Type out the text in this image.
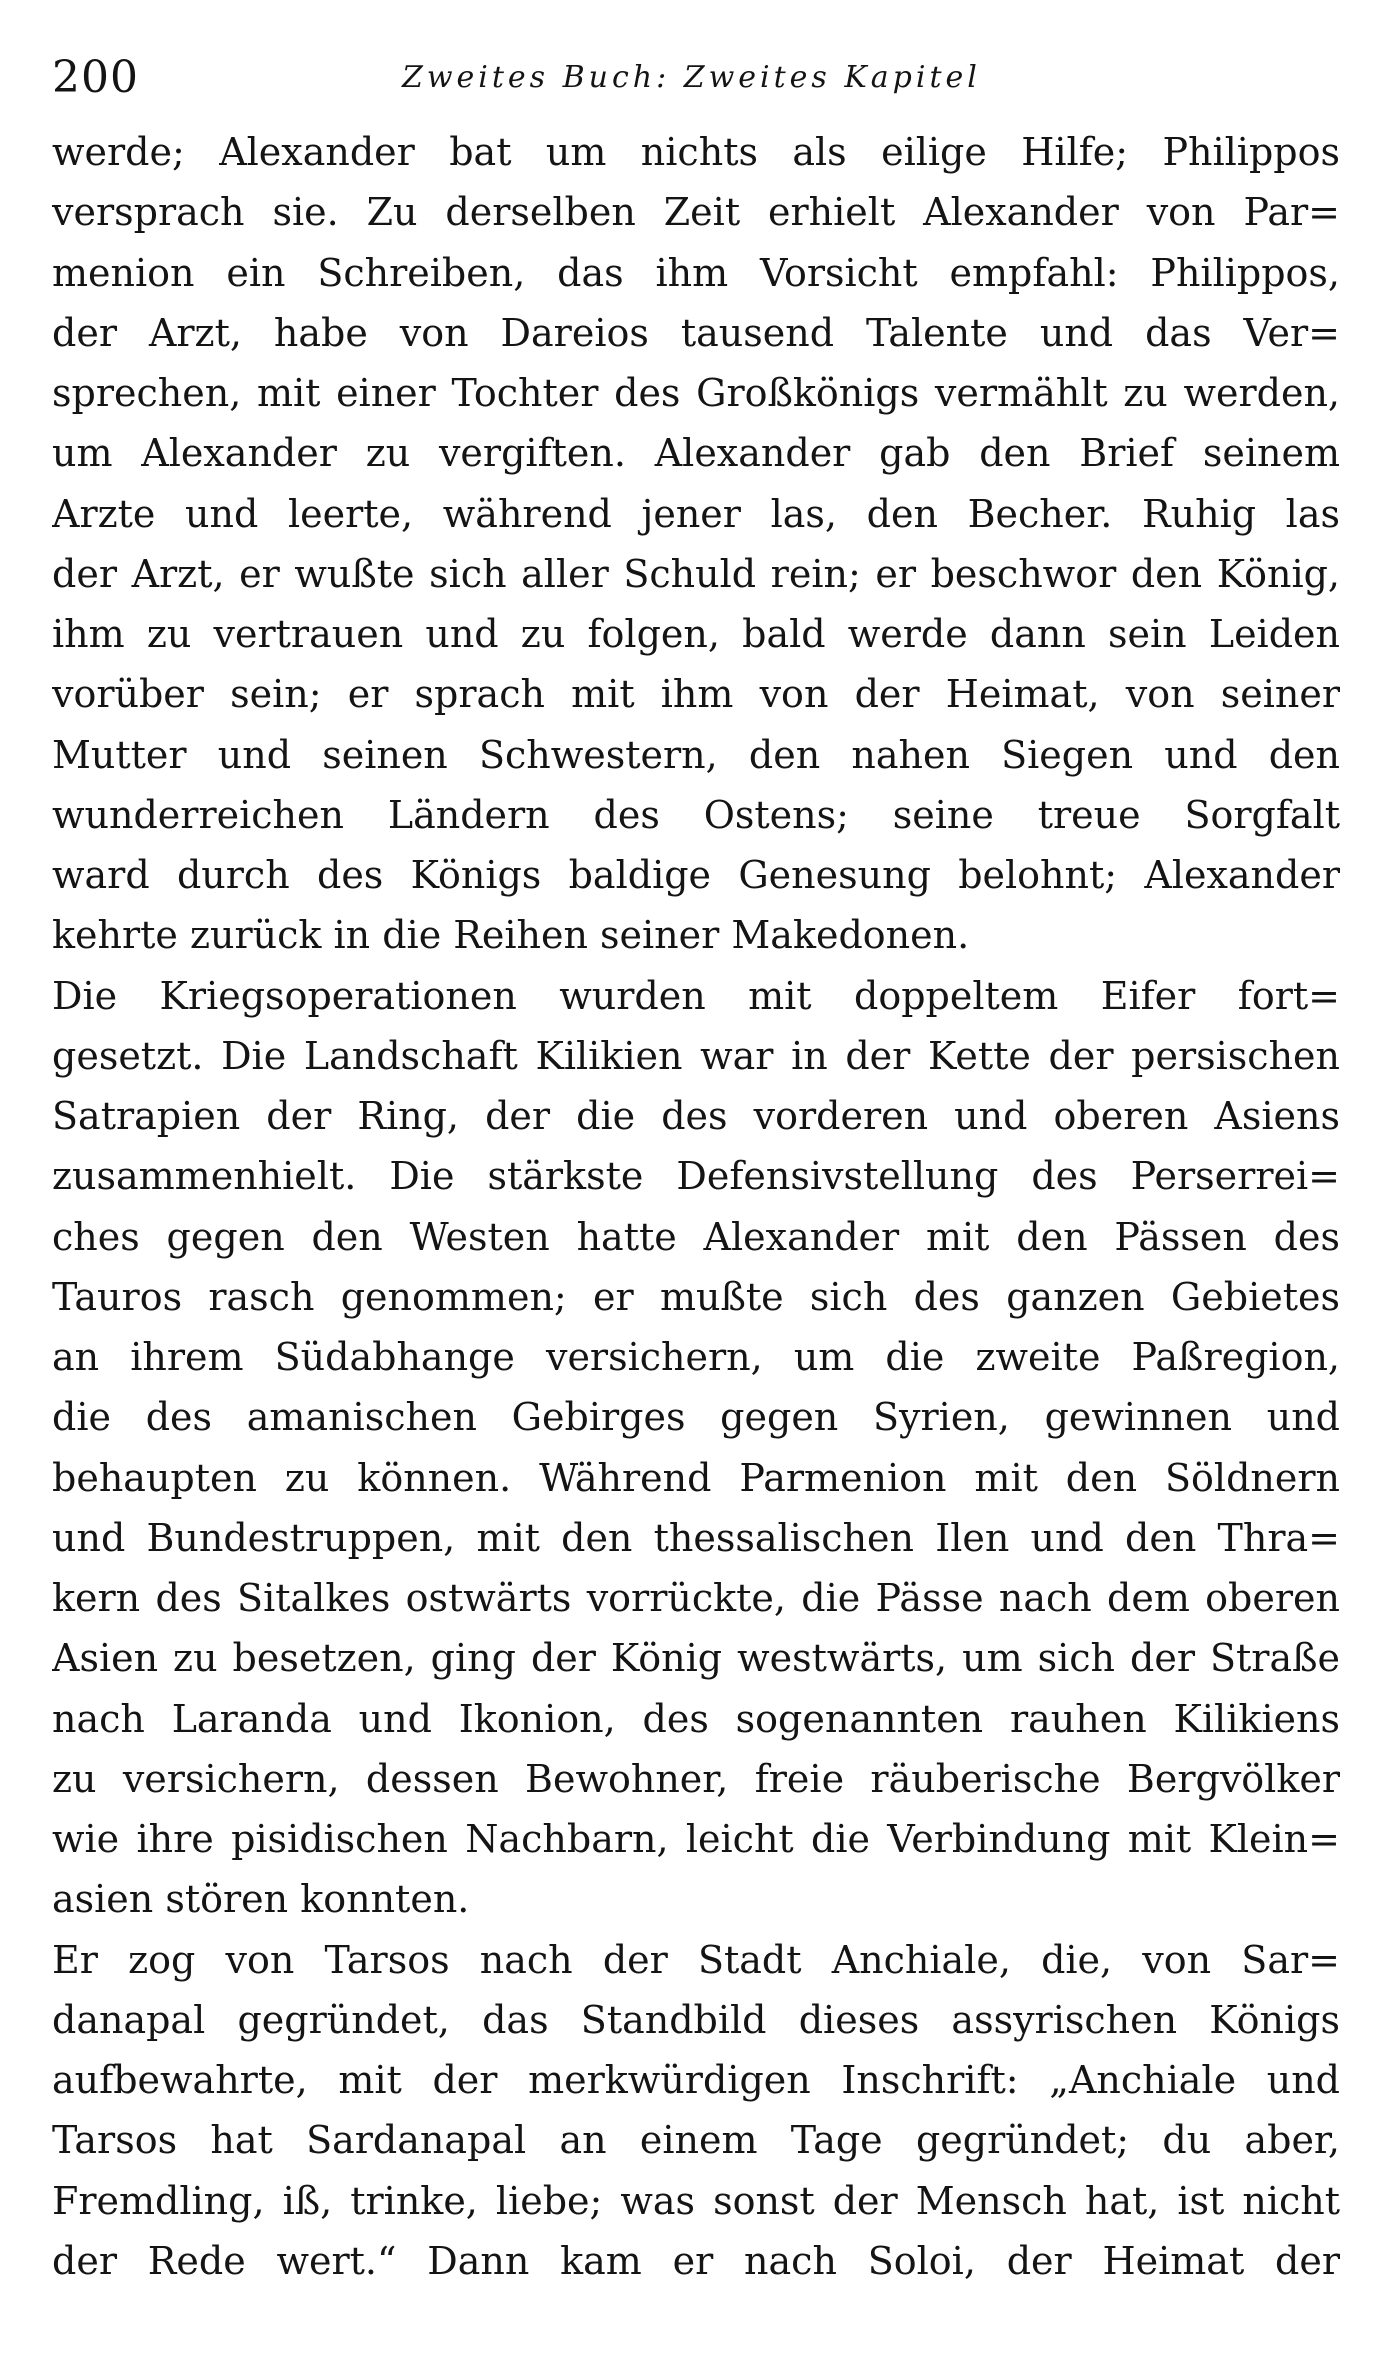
200	Zweites Buch: Zweites Kapitel
werde; Alexander bat um nichts als eilige Hilfe; Philippos
versprach sie. Zu derselben Zeit erhielt Alexander von Par=
menion ein Schreiben, das ihm Vorsicht empfahl: Philippos,
der Arzt, habe von Dareios tausend Talente und das Ver=
sprechen, mit einer Tochter des Großkönigs vermählt zu werden,
um Alexander zu vergiften. Alexander gab den Brief seinem
Arzte und leerte, während jener las, den Becher. Ruhig las
der Arzt, er wußte sich aller Schuld rein; er beschwor den König,
ihm zu vertrauen und zu folgen, bald werde dann sein Leiden
vorüber sein; er sprach mit ihm von der Heimat, von seiner
Mutter und seinen Schwestern, den nahen Siegen und den
wunderreichen Ländern des Ostens; seine treue Sorgfalt
ward durch des Königs baldige Genesung belohnt; Alexander
kehrte zurück in die Reihen seiner Makedonen.
Die Kriegsoperationen wurden mit doppeltem Eifer fort=
gesetzt. Die Landschaft Kilikien war in der Kette der persischen
Satrapien der Ring, der die des vorderen und oberen Asiens
zusammenhielt. Die stärkste Defensivstellung des Perserrei=
ches gegen den Westen hatte Alexander mit den Pässen des
Tauros rasch genommen; er mußte sich des ganzen Gebietes
an ihrem Südabhange versichern, um die zweite Paßregion,
die des amanischen Gebirges gegen Syrien, gewinnen und
behaupten zu können. Während Parmenion mit den Söldnern
und Bundestruppen, mit den thessalischen Ilen und den Thra=
kern des Sitalkes ostwärts vorrückte, die Pässe nach dem oberen
Asien zu besetzen, ging der König westwärts, um sich der Straße
nach Laranda und Ikonion, des sogenannten rauhen Kilikiens
zu versichern, dessen Bewohner, freie räuberische Bergvölker
wie ihre pisidischen Nachbarn, leicht die Verbindung mit Klein=
asien stören konnten.
Er zog von Tarsos nach der Stadt Anchiale, die, von Sar=
danapal gegründet, das Standbild dieses assyrischen Königs
aufbewahrte, mit der merkwürdigen Inschrift: „Anchiale und
Tarsos hat Sardanapal an einem Tage gegründet; du aber,
Fremdling, iß, trinke, liebe; was sonst der Mensch hat, ist nicht
der Rede wert.“ Dann kam er nach Soloi, der Heimat der
